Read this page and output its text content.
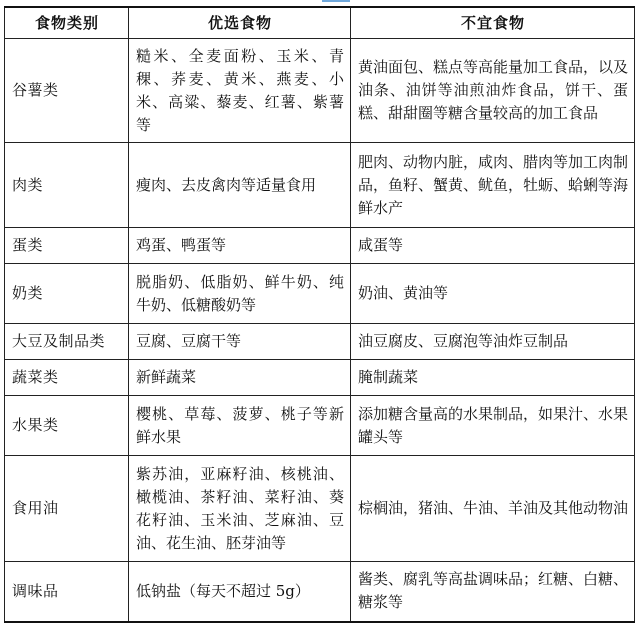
食物类别	优选食物	不宜食物
谷薯类	糙米、全麦面粉、玉米、青稞、荞麦、黄米、燕麦、小米、高粱、藜麦、红薯、紫薯等	黄油面包、糕点等高能量加工食品，以及油条、油饼等油煎油炸食品，饼干、蛋糕、甜甜圈等糖含量较高的加工食品
肉类	瘦肉、去皮禽肉等适量食用	肥肉、动物内脏，咸肉、腊肉等加工肉制品，鱼籽、蟹黄、鱿鱼，牡蛎、蛤蜊等海鲜水产
蛋类	鸡蛋、鸭蛋等	咸蛋等
奶类	脱脂奶、低脂奶、鲜牛奶、纯牛奶、低糖酸奶等	奶油、黄油等
大豆及制品类	豆腐、豆腐干等	油豆腐皮、豆腐泡等油炸豆制品
蔬菜类	新鲜蔬菜	腌制蔬菜
水果类	樱桃、草莓、菠萝、桃子等新鲜水果	添加糖含量高的水果制品，如果汁、水果罐头等
食用油	紫苏油，亚麻籽油、核桃油、橄榄油、茶籽油、菜籽油、葵花籽油、玉米油、芝麻油、豆油、花生油、胚芽油等	棕榈油，猪油、牛油、羊油及其他动物油
调味品	低钠盐（每天不超过 5g）	酱类、腐乳等高盐调味品；红糖、白糖、糖浆等
